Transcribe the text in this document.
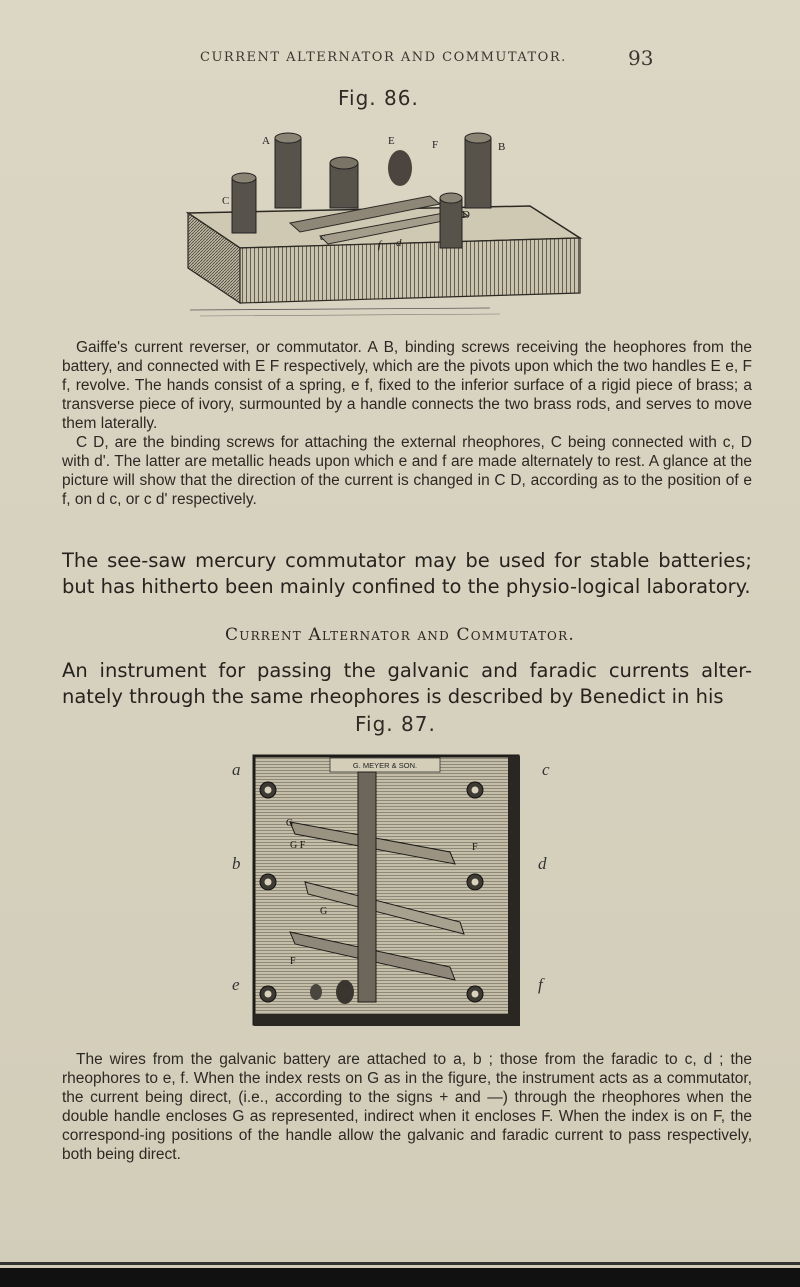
CURRENT ALTERNATOR AND COMMUTATOR.	93
Fig. 86.
A	E	F	B
C
D
c
f d

Gaiffe's current reverser, or commutator. A B, binding screws receiving the heophores from the battery, and connected with E F respectively, which are the pivots upon which the two handles E e, F f, revolve. The hands consist of a spring, e f, fixed to the inferior surface of a rigid piece of brass; a transverse piece of ivory, surmounted by a handle connects the two brass rods, and serves to move them laterally.

C D, are the binding screws for attaching the external rheophores, C being connected with c, D with d'. The latter are metallic heads upon which e and f are made alternately to rest. A glance at the picture will show that the direction of the current is changed in C D, according as to the position of e f, on d c, or c d' respectively.

The see-saw mercury commutator may be used for stable batteries; but has hitherto been mainly confined to the physio-logical laboratory.

Current Alternator and Commutator.

An instrument for passing the galvanic and faradic currents alter-nately through the same rheophores is described by Benedict in his

Fig. 87.
G. MEYER & SON.
G
G F	F
G
F
a
b
e
c
d
f

The wires from the galvanic battery are attached to a, b ; those from the faradic to c, d ; the rheophores to e, f. When the index rests on G as in the figure, the instrument acts as a commutator, the current being direct, (i.e., according to the signs + and —) through the rheophores when the double handle encloses G as represented, indirect when it encloses F. When the index is on F, the correspond-ing positions of the handle allow the galvanic and faradic current to pass respectively, both being direct.
